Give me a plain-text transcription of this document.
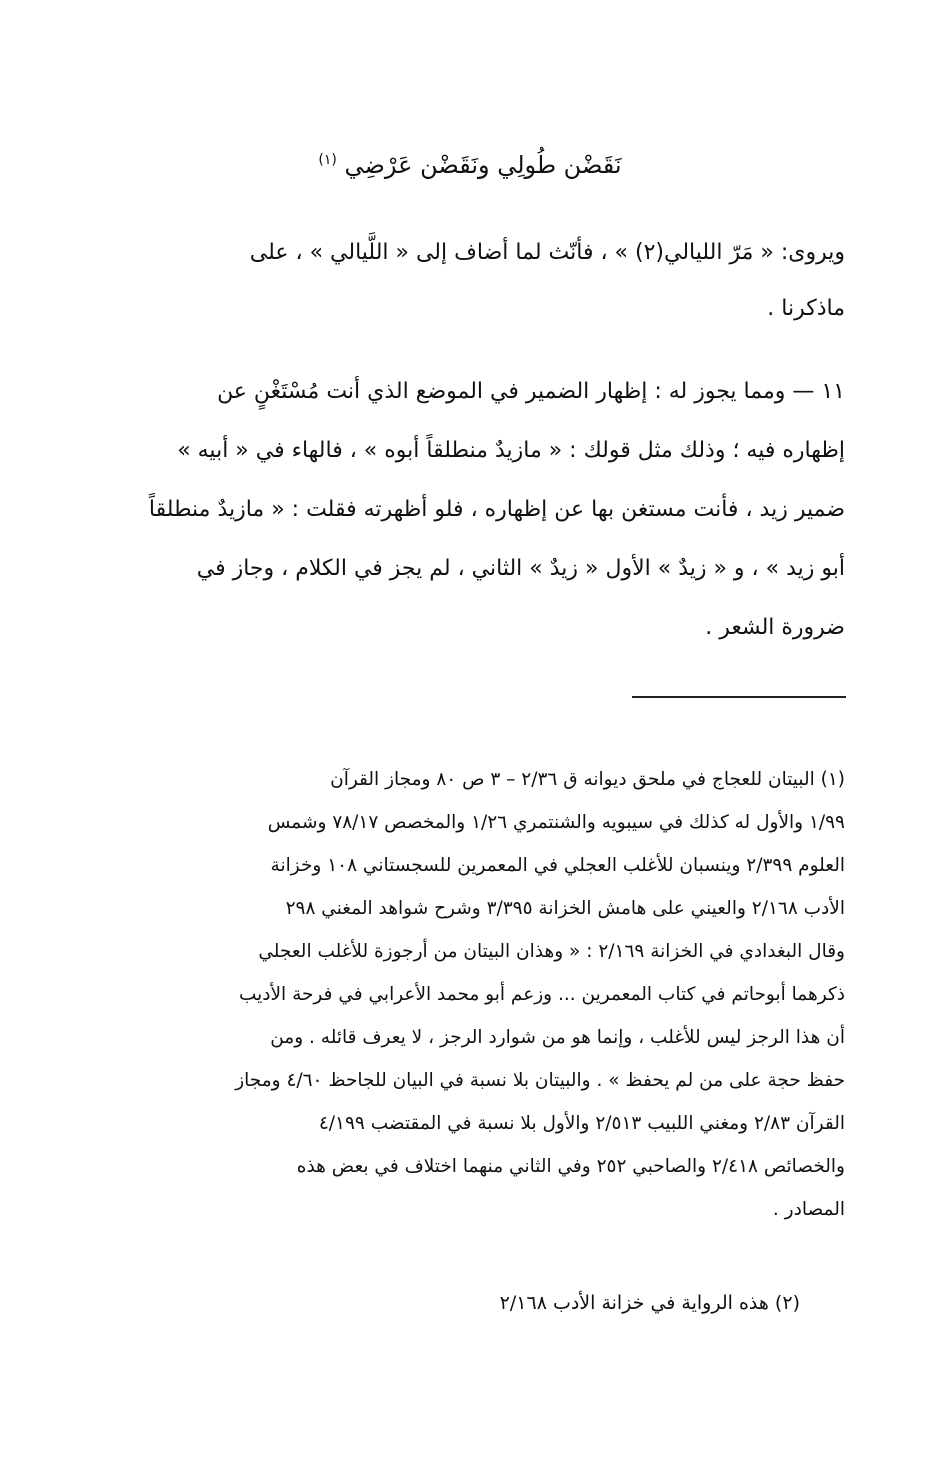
نَقَضْن طُولِي ونَقَضْن عَرْضِي $^{(١)}$
ويروى: « مَرّ الليالي(٢) » ، فأنّث لما أضاف إلى « اللَّيالي » ، على
ماذكرنا .
١١ — ومما يجوز له : إظهار الضمير في الموضع الذي أنت مُسْتَغْنٍ عن
إظهاره فيه ؛ وذلك مثل قولك : « مازيدٌ منطلقاً أبوه » ، فالهاء في « أبيه »
ضمير زيد ، فأنت مستغن بها عن إظهاره ، فلو أظهرته فقلت : « مازيدٌ منطلقاً
أبو زيد » ، و « زيدٌ » الأول « زيدٌ » الثاني ، لم يجز في الكلام ، وجاز في
ضرورة الشعر .
(١) البيتان للعجاج في ملحق ديوانه ق ٢/٣٦ – ٣ ص ٨٠ ومجاز القرآن
١/٩٩ والأول له كذلك في سيبويه والشنتمري ١/٢٦ والمخصص ٧٨/١٧ وشمس
العلوم ٢/٣٩٩ وينسبان للأغلب العجلي في المعمرين للسجستاني ١٠٨ وخزانة
الأدب ٢/١٦٨ والعيني على هامش الخزانة ٣/٣٩٥ وشرح شواهد المغني ٢٩٨
وقال البغدادي في الخزانة ٢/١٦٩ : « وهذان البيتان من أرجوزة للأغلب العجلي
ذكرهما أبوحاتم في كتاب المعمرين ... وزعم أبو محمد الأعرابي في فرحة الأديب
أن هذا الرجز ليس للأغلب ، وإنما هو من شوارد الرجز ، لا يعرف قائله . ومن
حفظ حجة على من لم يحفظ » . والبيتان بلا نسبة في البيان للجاحظ ٤/٦٠ ومجاز
القرآن ٢/٨٣ ومغني اللبيب ٢/٥١٣ والأول بلا نسبة في المقتضب ٤/١٩٩
والخصائص ٢/٤١٨ والصاحبي ٢٥٢ وفي الثاني منهما اختلاف في بعض هذه
المصادر .
(٢) هذه الرواية في خزانة الأدب ٢/١٦٨
